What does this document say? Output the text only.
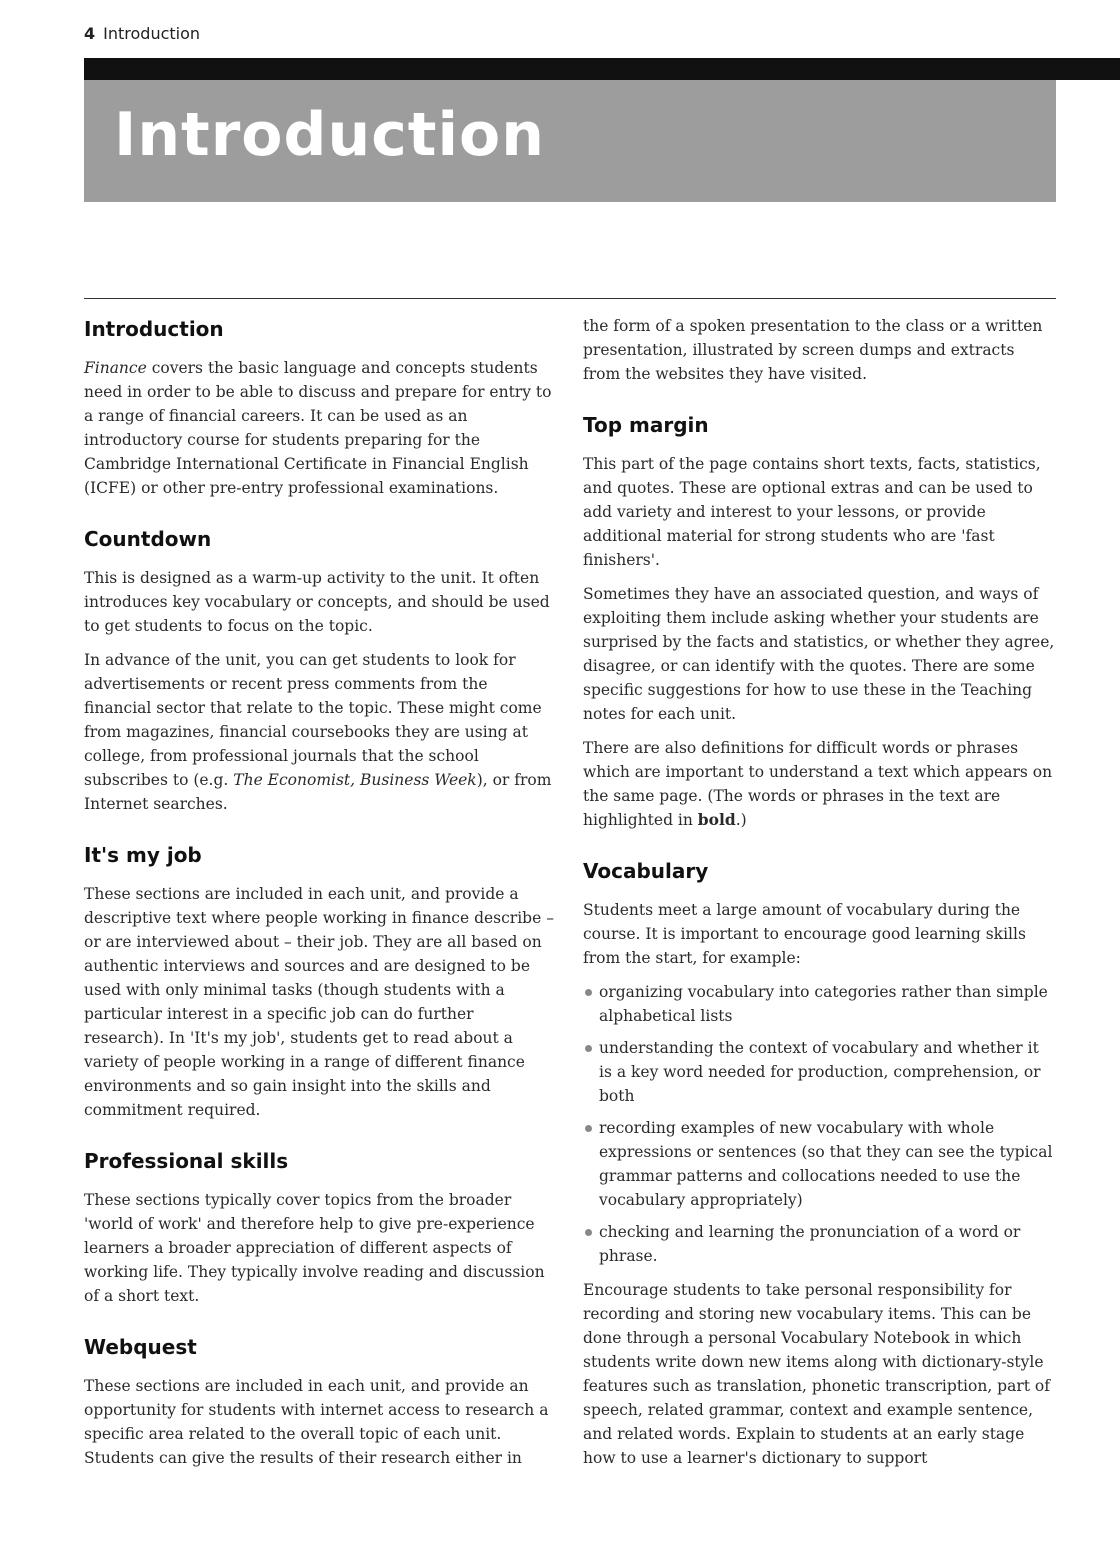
4 Introduction
Introduction
Introduction

Finance covers the basic language and concepts students need in order to be able to discuss and prepare for entry to a range of financial careers. It can be used as an introductory course for students preparing for the Cambridge International Certificate in Financial English (ICFE) or other pre-entry professional examinations.

Countdown

This is designed as a warm-up activity to the unit. It often introduces key vocabulary or concepts, and should be used to get students to focus on the topic.

In advance of the unit, you can get students to look for advertisements or recent press comments from the financial sector that relate to the topic. These might come from magazines, financial coursebooks they are using at college, from professional journals that the school subscribes to (e.g. The Economist, Business Week), or from Internet searches.

It's my job

These sections are included in each unit, and provide a descriptive text where people working in finance describe – or are interviewed about – their job. They are all based on authentic interviews and sources and are designed to be used with only minimal tasks (though students with a particular interest in a specific job can do further research). In 'It's my job', students get to read about a variety of people working in a range of different finance environments and so gain insight into the skills and commitment required.

Professional skills

These sections typically cover topics from the broader 'world of work' and therefore help to give pre-experience learners a broader appreciation of different aspects of working life. They typically involve reading and discussion of a short text.

Webquest

These sections are included in each unit, and provide an opportunity for students with internet access to research a specific area related to the overall topic of each unit. Students can give the results of their research either in

the form of a spoken presentation to the class or a written presentation, illustrated by screen dumps and extracts from the websites they have visited.

Top margin

This part of the page contains short texts, facts, statistics, and quotes. These are optional extras and can be used to add variety and interest to your lessons, or provide additional material for strong students who are 'fast finishers'.

Sometimes they have an associated question, and ways of exploiting them include asking whether your students are surprised by the facts and statistics, or whether they agree, disagree, or can identify with the quotes. There are some specific suggestions for how to use these in the Teaching notes for each unit.

There are also definitions for difficult words or phrases which are important to understand a text which appears on the same page. (The words or phrases in the text are highlighted in bold.)

Vocabulary

Students meet a large amount of vocabulary during the course. It is important to encourage good learning skills from the start, for example:

organizing vocabulary into categories rather than simple alphabetical lists
understanding the context of vocabulary and whether it is a key word needed for production, comprehension, or both
recording examples of new vocabulary with whole expressions or sentences (so that they can see the typical grammar patterns and collocations needed to use the vocabulary appropriately)
checking and learning the pronunciation of a word or phrase.

Encourage students to take personal responsibility for recording and storing new vocabulary items. This can be done through a personal Vocabulary Notebook in which students write down new items along with dictionary-style features such as translation, phonetic transcription, part of speech, related grammar, context and example sentence, and related words. Explain to students at an early stage how to use a learner's dictionary to support
